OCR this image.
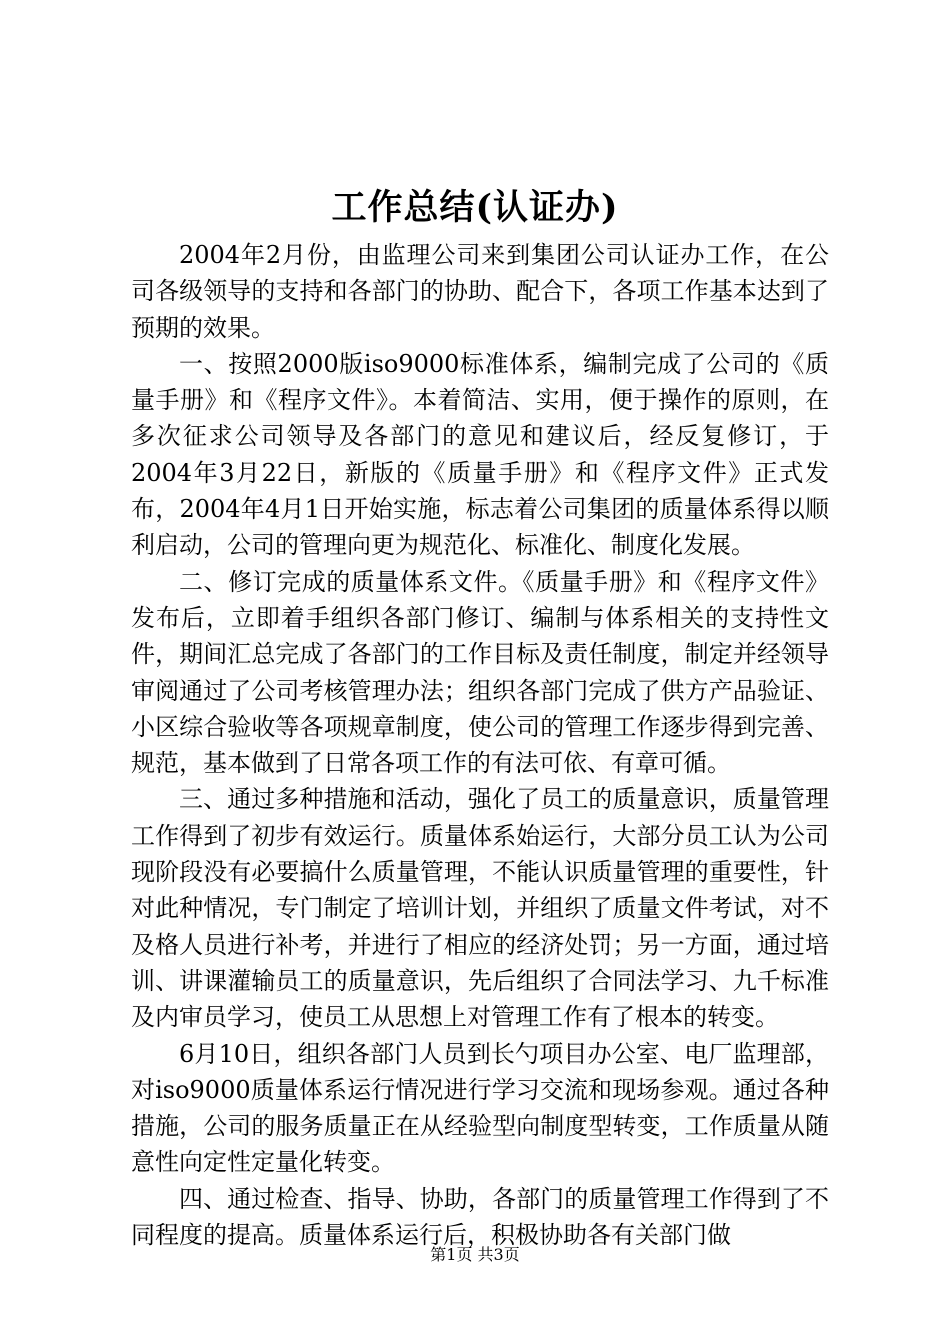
工作总结(认证办)

2004年2月份，由监理公司来到集团公司认证办工作，在公司各级领导的支持和各部门的协助、配合下，各项工作基本达到了预期的效果。

一、按照2000版iso9000标准体系，编制完成了公司的《质量手册》和《程序文件》。本着简洁、实用，便于操作的原则，在多次征求公司领导及各部门的意见和建议后，经反复修订，于2004年3月22日，新版的《质量手册》和《程序文件》正式发布，2004年4月1日开始实施，标志着公司集团的质量体系得以顺利启动，公司的管理向更为规范化、标准化、制度化发展。

二、修订完成的质量体系文件。《质量手册》和《程序文件》发布后，立即着手组织各部门修订、编制与体系相关的支持性文件，期间汇总完成了各部门的工作目标及责任制度，制定并经领导审阅通过了公司考核管理办法；组织各部门完成了供方产品验证、小区综合验收等各项规章制度，使公司的管理工作逐步得到完善、规范，基本做到了日常各项工作的有法可依、有章可循。

三、通过多种措施和活动，强化了员工的质量意识，质量管理工作得到了初步有效运行。质量体系始运行，大部分员工认为公司现阶段没有必要搞什么质量管理，不能认识质量管理的重要性，针对此种情况，专门制定了培训计划，并组织了质量文件考试，对不及格人员进行补考，并进行了相应的经济处罚；另一方面，通过培训、讲课灌输员工的质量意识，先后组织了合同法学习、九千标准及内审员学习，使员工从思想上对管理工作有了根本的转变。

6月10日，组织各部门人员到长勺项目办公室、电厂监理部，对iso9000质量体系运行情况进行学习交流和现场参观。通过各种措施，公司的服务质量正在从经验型向制度型转变，工作质量从随意性向定性定量化转变。

四、通过检查、指导、协助，各部门的质量管理工作得到了不同程度的提高。质量体系运行后，积极协助各有关部门做

第1页 共3页
